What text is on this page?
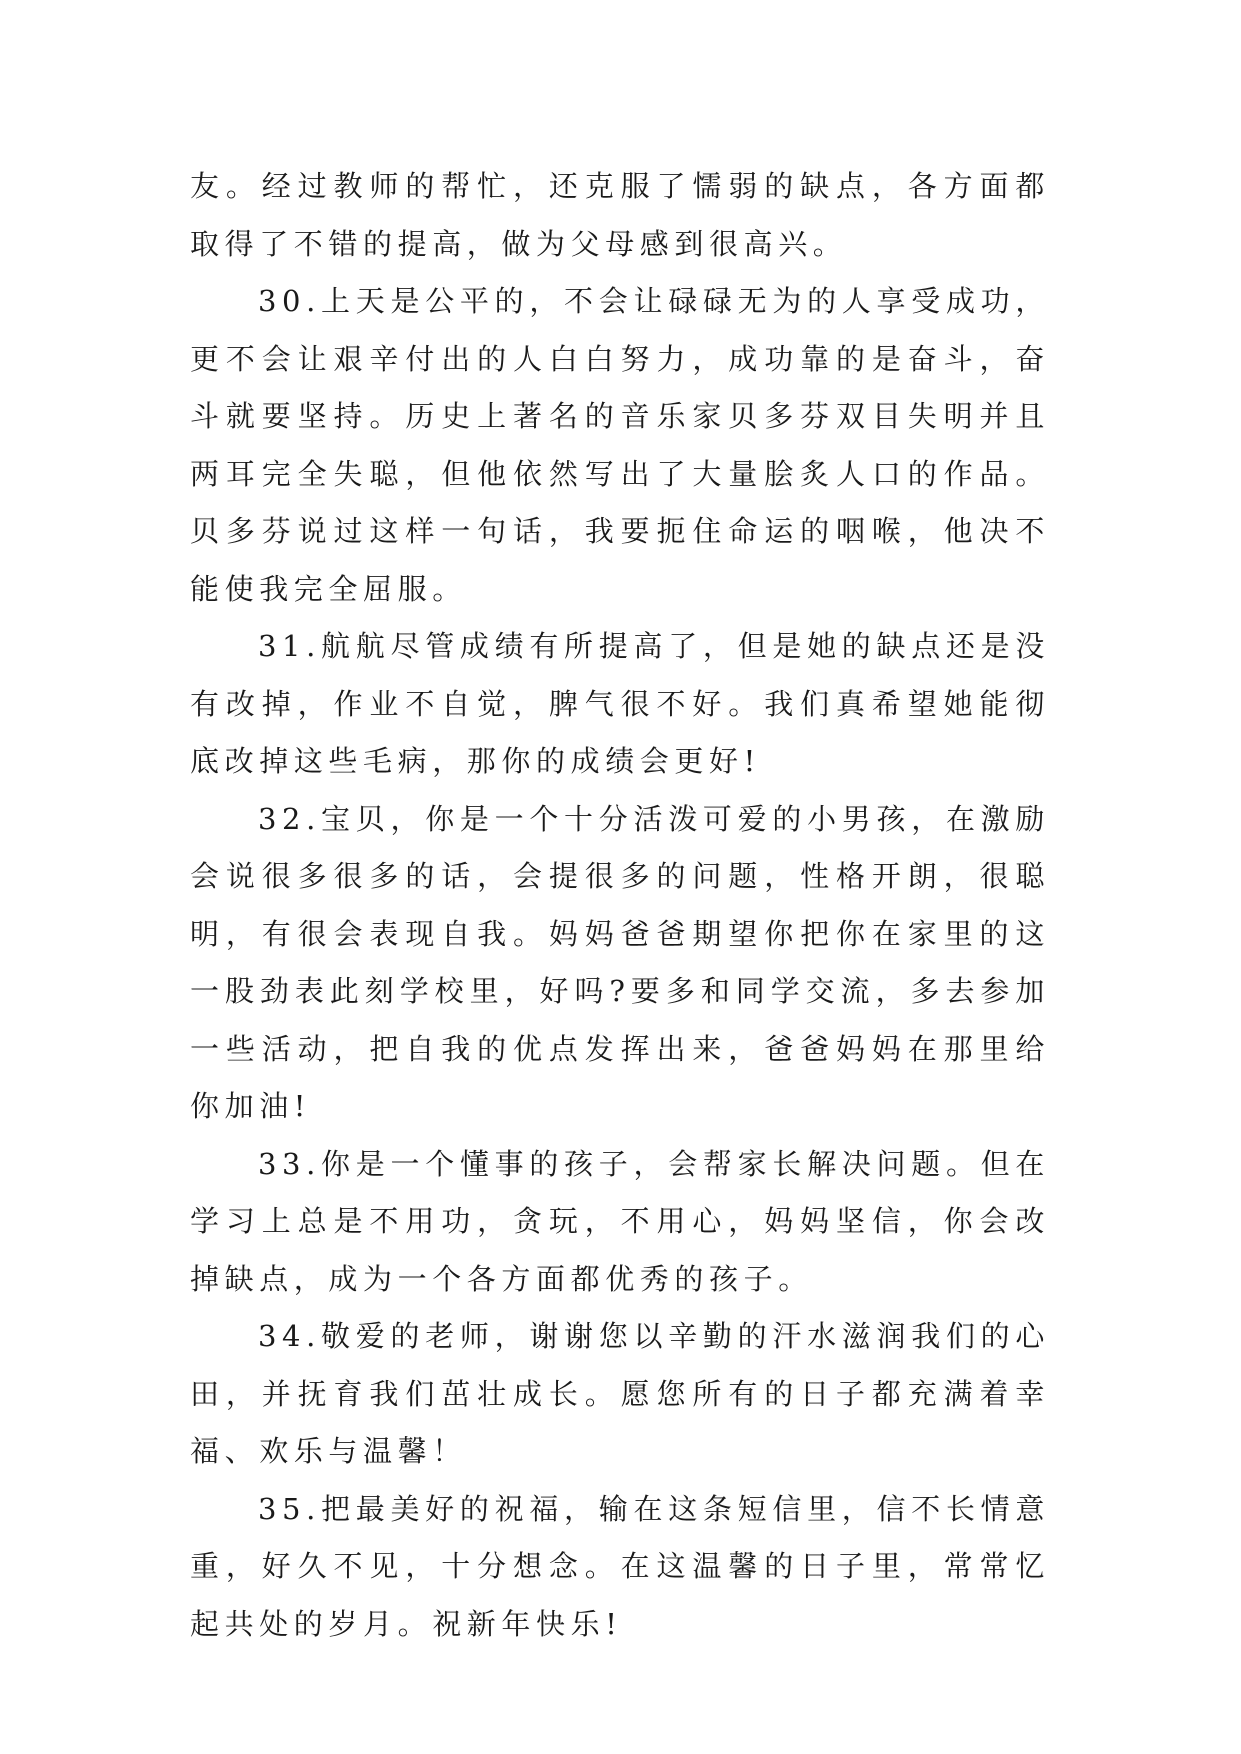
友。经过教师的帮忙，还克服了懦弱的缺点，各方面都取得了不错的提高，做为父母感到很高兴。

30.上天是公平的，不会让碌碌无为的人享受成功，更不会让艰辛付出的人白白努力，成功靠的是奋斗，奋斗就要坚持。历史上著名的音乐家贝多芬双目失明并且两耳完全失聪，但他依然写出了大量脍炙人口的作品。贝多芬说过这样一句话，我要扼住命运的咽喉，他决不能使我完全屈服。

31.航航尽管成绩有所提高了，但是她的缺点还是没有改掉，作业不自觉，脾气很不好。我们真希望她能彻底改掉这些毛病，那你的成绩会更好!

32.宝贝，你是一个十分活泼可爱的小男孩，在激励会说很多很多的话，会提很多的问题，性格开朗，很聪明，有很会表现自我。妈妈爸爸期望你把你在家里的这一股劲表此刻学校里，好吗?要多和同学交流，多去参加一些活动，把自我的优点发挥出来，爸爸妈妈在那里给你加油!

33.你是一个懂事的孩子，会帮家长解决问题。但在学习上总是不用功，贪玩，不用心，妈妈坚信，你会改掉缺点，成为一个各方面都优秀的孩子。

34.敬爱的老师，谢谢您以辛勤的汗水滋润我们的心田，并抚育我们茁壮成长。愿您所有的日子都充满着幸福、欢乐与温馨！

35.把最美好的祝福，输在这条短信里，信不长情意重，好久不见，十分想念。在这温馨的日子里，常常忆起共处的岁月。祝新年快乐!
